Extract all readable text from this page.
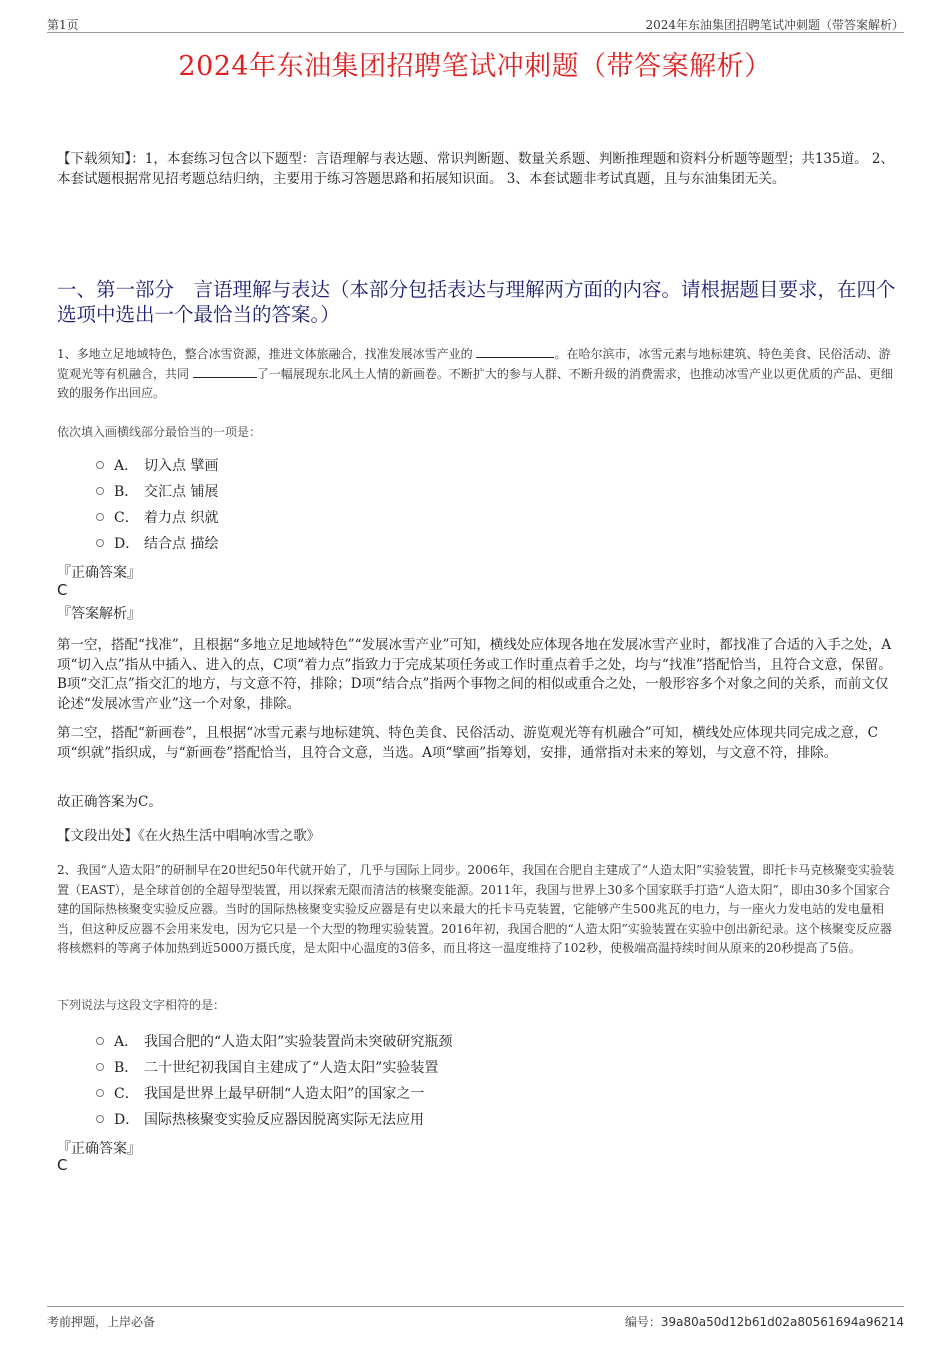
第1页	2024年东油集团招聘笔试冲刺题（带答案解析）
2024年东油集团招聘笔试冲刺题（带答案解析）
【下载须知】：1，本套练习包含以下题型：言语理解与表达题、常识判断题、数量关系题、判断推理题和资料分析题等题型；共135道。 2、本套试题根据常见招考题总结归纳，主要用于练习答题思路和拓展知识面。 3、本套试题非考试真题，且与东油集团无关。
一、第一部分　言语理解与表达（本部分包括表达与理解两方面的内容。请根据题目要求，在四个选项中选出一个最恰当的答案。）
1、多地立足地域特色，整合冰雪资源，推进文体旅融合，找准发展冰雪产业的	。在哈尔滨市，冰雪元素与地标建筑、特色美食、民俗活动、游览观光等有机融合，共同	了一幅展现东北风土人情的新画卷。不断扩大的参与人群、不断升级的消费需求，也推动冰雪产业以更优质的产品、更细致的服务作出回应。
依次填入画横线部分最恰当的一项是：
A． 切入点 擘画
B． 交汇点 铺展
C． 着力点 织就
D． 结合点 描绘
『正确答案』
C
『答案解析』
第一空，搭配“找准”，且根据“多地立足地域特色”“发展冰雪产业”可知，横线处应体现各地在发展冰雪产业时，都找准了合适的入手之处，A项“切入点”指从中插入、进入的点，C项“着力点”指致力于完成某项任务或工作时重点着手之处，均与“找准”搭配恰当，且符合文意，保留。B项“交汇点”指交汇的地方，与文意不符，排除；D项“结合点”指两个事物之间的相似或重合之处，一般形容多个对象之间的关系，而前文仅论述“发展冰雪产业”这一个对象，排除。
第二空，搭配“新画卷”，且根据“冰雪元素与地标建筑、特色美食、民俗活动、游览观光等有机融合”可知，横线处应体现共同完成之意，C项“织就”指织成，与“新画卷”搭配恰当，且符合文意，当选。A项“擘画”指筹划，安排，通常指对未来的筹划，与文意不符，排除。
故正确答案为C。
【文段出处】《在火热生活中唱响冰雪之歌》
2、我国“人造太阳”的研制早在20世纪50年代就开始了，几乎与国际上同步。2006年，我国在合肥自主建成了“人造太阳”实验装置，即托卡马克核聚变实验装置（EAST），是全球首创的全超导型装置，用以探索无限而清洁的核聚变能源。2011年，我国与世界上30多个国家联手打造“人造太阳”，即由30多个国家合建的国际热核聚变实验反应器。当时的国际热核聚变实验反应器是有史以来最大的托卡马克装置，它能够产生500兆瓦的电力，与一座火力发电站的发电量相当，但这种反应器不会用来发电，因为它只是一个大型的物理实验装置。2016年初，我国合肥的“人造太阳”实验装置在实验中创出新纪录。这个核聚变反应器将核燃料的等离子体加热到近5000万摄氏度，是太阳中心温度的3倍多，而且将这一温度维持了102秒，使极端高温持续时间从原来的20秒提高了5倍。
下列说法与这段文字相符的是：
A． 我国合肥的“人造太阳”实验装置尚未突破研究瓶颈
B． 二十世纪初我国自主建成了“人造太阳”实验装置
C． 我国是世界上最早研制“人造太阳”的国家之一
D． 国际热核聚变实验反应器因脱离实际无法应用
『正确答案』
C
考前押题，上岸必备	编号：39a80a50d12b61d02a80561694a96214
